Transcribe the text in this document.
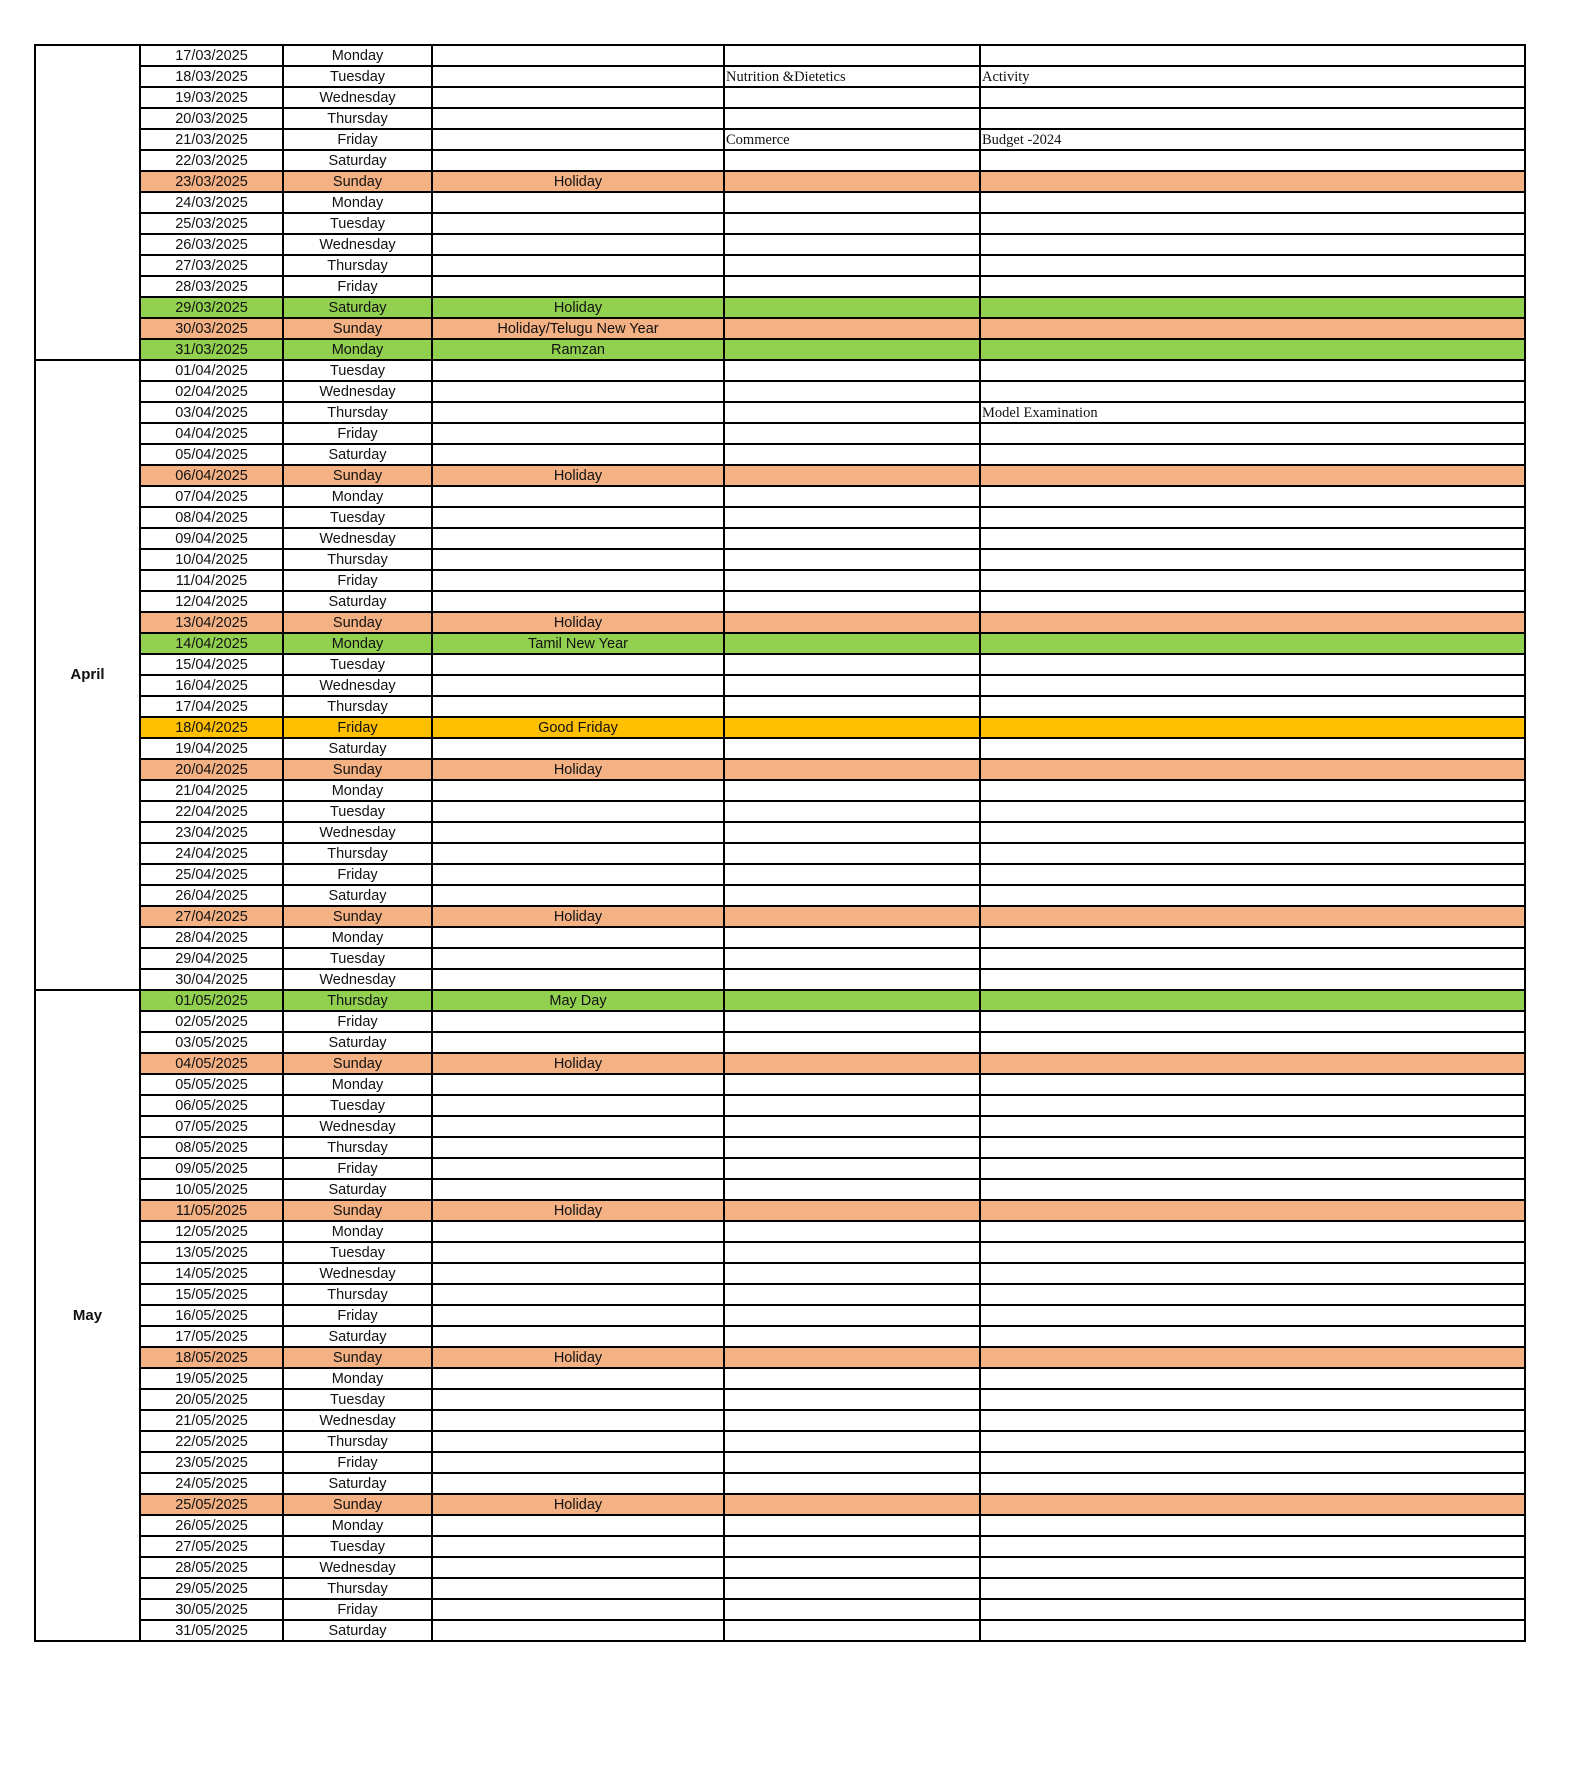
	17/03/2025	Monday			
	18/03/2025	Tuesday		Nutrition &Dietetics	Activity
	19/03/2025	Wednesday			
	20/03/2025	Thursday			
	21/03/2025	Friday		Commerce	Budget -2024
	22/03/2025	Saturday			
	23/03/2025	Sunday	Holiday		
	24/03/2025	Monday			
	25/03/2025	Tuesday			
	26/03/2025	Wednesday			
	27/03/2025	Thursday			
	28/03/2025	Friday			
	29/03/2025	Saturday	Holiday		
	30/03/2025	Sunday	Holiday/Telugu New Year		
	31/03/2025	Monday	Ramzan		
April	01/04/2025	Tuesday			
	02/04/2025	Wednesday			
	03/04/2025	Thursday			Model Examination
	04/04/2025	Friday			
	05/04/2025	Saturday			
	06/04/2025	Sunday	Holiday		
	07/04/2025	Monday			
	08/04/2025	Tuesday			
	09/04/2025	Wednesday			
	10/04/2025	Thursday			
	11/04/2025	Friday			
	12/04/2025	Saturday			
	13/04/2025	Sunday	Holiday		
	14/04/2025	Monday	Tamil New Year		
	15/04/2025	Tuesday			
	16/04/2025	Wednesday			
	17/04/2025	Thursday			
	18/04/2025	Friday	Good Friday		
	19/04/2025	Saturday			
	20/04/2025	Sunday	Holiday		
	21/04/2025	Monday			
	22/04/2025	Tuesday			
	23/04/2025	Wednesday			
	24/04/2025	Thursday			
	25/04/2025	Friday			
	26/04/2025	Saturday			
	27/04/2025	Sunday	Holiday		
	28/04/2025	Monday			
	29/04/2025	Tuesday			
	30/04/2025	Wednesday			
May	01/05/2025	Thursday	May Day		
	02/05/2025	Friday			
	03/05/2025	Saturday			
	04/05/2025	Sunday	Holiday		
	05/05/2025	Monday			
	06/05/2025	Tuesday			
	07/05/2025	Wednesday			
	08/05/2025	Thursday			
	09/05/2025	Friday			
	10/05/2025	Saturday			
	11/05/2025	Sunday	Holiday		
	12/05/2025	Monday			
	13/05/2025	Tuesday			
	14/05/2025	Wednesday			
	15/05/2025	Thursday			
	16/05/2025	Friday			
	17/05/2025	Saturday			
	18/05/2025	Sunday	Holiday		
	19/05/2025	Monday			
	20/05/2025	Tuesday			
	21/05/2025	Wednesday			
	22/05/2025	Thursday			
	23/05/2025	Friday			
	24/05/2025	Saturday			
	25/05/2025	Sunday	Holiday		
	26/05/2025	Monday			
	27/05/2025	Tuesday			
	28/05/2025	Wednesday			
	29/05/2025	Thursday			
	30/05/2025	Friday			
	31/05/2025	Saturday			
